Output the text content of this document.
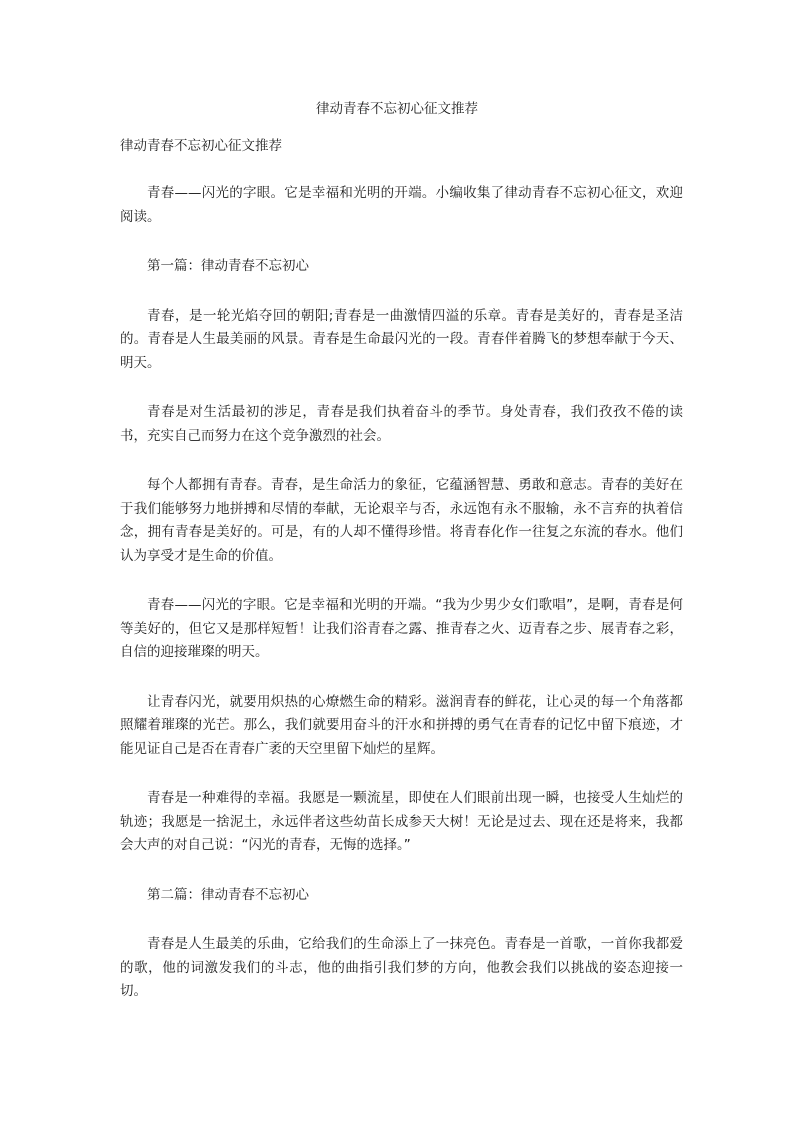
律动青春不忘初心征文推荐

律动青春不忘初心征文推荐

青春——闪光的字眼。它是幸福和光明的开端。小编收集了律动青春不忘初心征文，欢迎阅读。

第一篇：律动青春不忘初心

青春，是一轮光焰夺回的朝阳;青春是一曲激情四溢的乐章。青春是美好的，青春是圣洁的。青春是人生最美丽的风景。青春是生命最闪光的一段。青春伴着腾飞的梦想奉献于今天、明天。

青春是对生活最初的涉足，青春是我们执着奋斗的季节。身处青春，我们孜孜不倦的读书，充实自己而努力在这个竞争激烈的社会。

每个人都拥有青春。青春，是生命活力的象征，它蕴涵智慧、勇敢和意志。青春的美好在于我们能够努力地拼搏和尽情的奉献，无论艰辛与否，永远饱有永不服输，永不言弃的执着信念，拥有青春是美好的。可是，有的人却不懂得珍惜。将青春化作一往复之东流的春水。他们认为享受才是生命的价值。

青春——闪光的字眼。它是幸福和光明的开端。“我为少男少女们歌唱”，是啊，青春是何等美好的，但它又是那样短暂！让我们浴青春之露、推青春之火、迈青春之步、展青春之彩，自信的迎接璀璨的明天。

让青春闪光，就要用炽热的心燎燃生命的精彩。滋润青春的鲜花，让心灵的每一个角落都照耀着璀璨的光芒。那么，我们就要用奋斗的汗水和拼搏的勇气在青春的记忆中留下痕迹，才能见证自己是否在青春广袤的天空里留下灿烂的星辉。

青春是一种难得的幸福。我愿是一颗流星，即使在人们眼前出现一瞬，也接受人生灿烂的轨迹；我愿是一捨泥土，永远伴者这些幼苗长成参天大树！无论是过去、现在还是将来，我都会大声的对自己说：“闪光的青春，无悔的选择。”

第二篇：律动青春不忘初心

青春是人生最美的乐曲，它给我们的生命添上了一抹亮色。青春是一首歌，一首你我都爱的歌，他的词激发我们的斗志，他的曲指引我们梦的方向，他教会我们以挑战的姿态迎接一切。
